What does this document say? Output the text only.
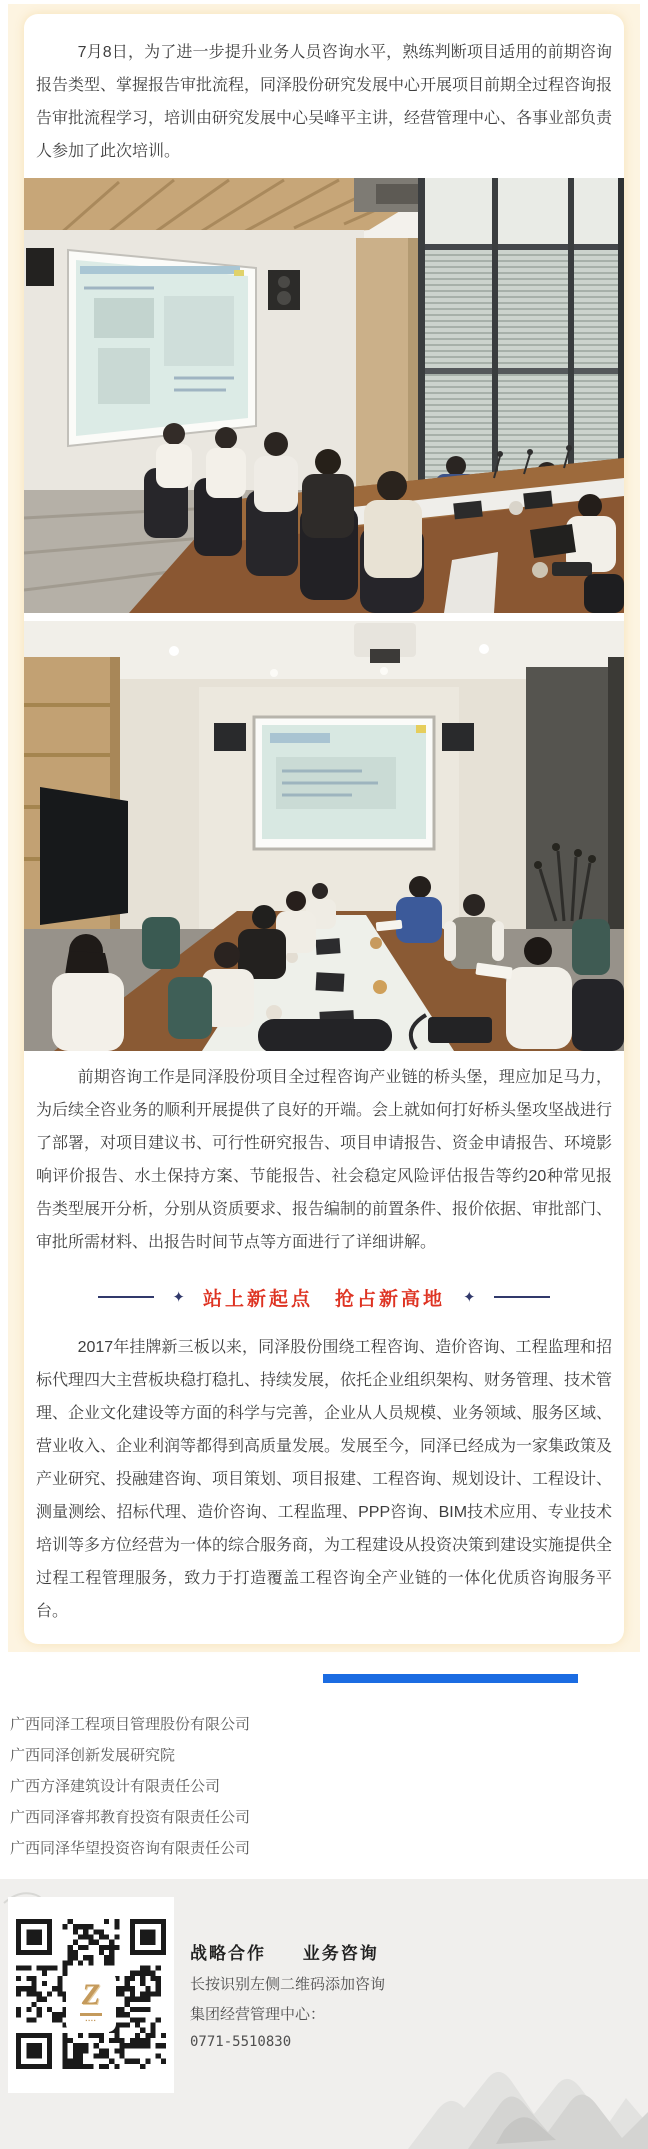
7月8日，为了进一步提升业务人员咨询水平，熟练判断项目适用的前期咨询报告类型、掌握报告审批流程，同泽股份研究发展中心开展项目前期全过程咨询报告审批流程学习，培训由研究发展中心吴峰平主讲，经营管理中心、各事业部负责人参加了此次培训。

前期咨询工作是同泽股份项目全过程咨询产业链的桥头堡，理应加足马力，为后续全咨业务的顺利开展提供了良好的开端。会上就如何打好桥头堡攻坚战进行了部署，对项目建议书、可行性研究报告、项目申请报告、资金申请报告、环境影响评价报告、水土保持方案、节能报告、社会稳定风险评估报告等约20种常见报告类型展开分析，分别从资质要求、报告编制的前置条件、报价依据、审批部门、审批所需材料、出报告时间节点等方面进行了详细讲解。

✦ 站上新起点 抢占新高地 ✦

2017年挂牌新三板以来，同泽股份围绕工程咨询、造价咨询、工程监理和招标代理四大主营板块稳打稳扎、持续发展，依托企业组织架构、财务管理、技术管理、企业文化建设等方面的科学与完善，企业从人员规模、业务领域、服务区域、营业收入、企业利润等都得到高质量发展。发展至今，同泽已经成为一家集政策及产业研究、投融建咨询、项目策划、项目报建、工程咨询、规划设计、工程设计、测量测绘、招标代理、造价咨询、工程监理、PPP咨询、BIM技术应用、专业技术培训等多方位经营为一体的综合服务商，为工程建设从投资决策到建设实施提供全过程工程管理服务，致力于打造覆盖工程咨询全产业链的一体化优质咨询服务平台。

广西同泽工程项目管理股份有限公司
广西同泽创新发展研究院
广西方泽建筑设计有限责任公司
广西同泽睿邦教育投资有限责任公司
广西同泽华望投资咨询有限责任公司
Z
▪▪▪▪
战略合作 业务咨询
长按识别左侧二维码添加咨询
集团经营管理中心：
0771-5510830
